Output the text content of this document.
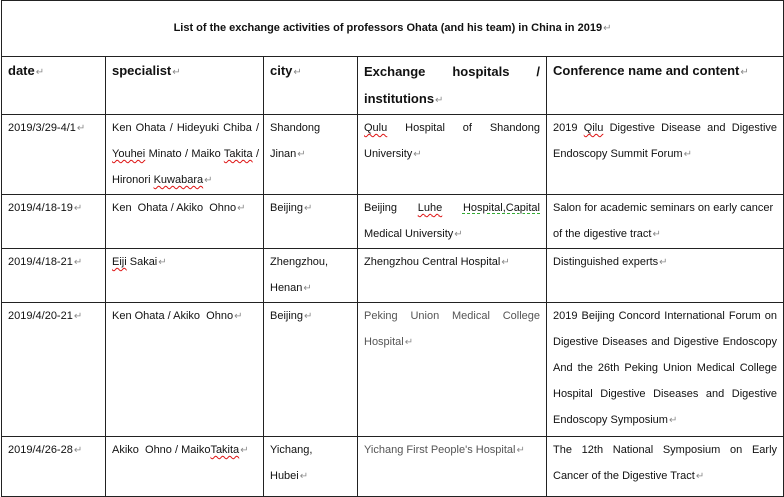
List of the exchange activities of professors Ohata (and his team) in China in 2019↵				
date↵	specialist↵	city↵	Exchange hospitals /
institutions↵	Conference name and content↵
2019/3/29-4/1↵	Ken Ohata / Hideyuki Chiba / Youhei Minato / Maiko Takita / Hironori Kuwabara↵	Shandong Jinan↵	Qulu Hospital of Shandong University↵	2019 Qilu Digestive Disease and Digestive Endoscopy Summit Forum↵
2019/4/18-19↵	Ken  Ohata / Akiko  Ohno↵	Beijing↵	Beijing Luhe Hospital,Capital Medical University↵	Salon for academic seminars on early cancer of the digestive tract↵
2019/4/18-21↵	Eiji Sakai↵	Zhengzhou,
Henan↵	Zhengzhou Central Hospital↵	Distinguished experts↵
2019/4/20-21↵	Ken Ohata / Akiko  Ohno↵	Beijing↵	Peking Union Medical College Hospital↵	2019 Beijing Concord International Forum on Digestive Diseases and Digestive Endoscopy And the 26th Peking Union Medical College Hospital Digestive Diseases and Digestive Endoscopy Symposium↵
2019/4/26-28↵	Akiko  Ohno / MaikoTakita↵	Yichang, Hubei↵	Yichang First People's Hospital↵	The 12th National Symposium on Early Cancer of the Digestive Tract↵
